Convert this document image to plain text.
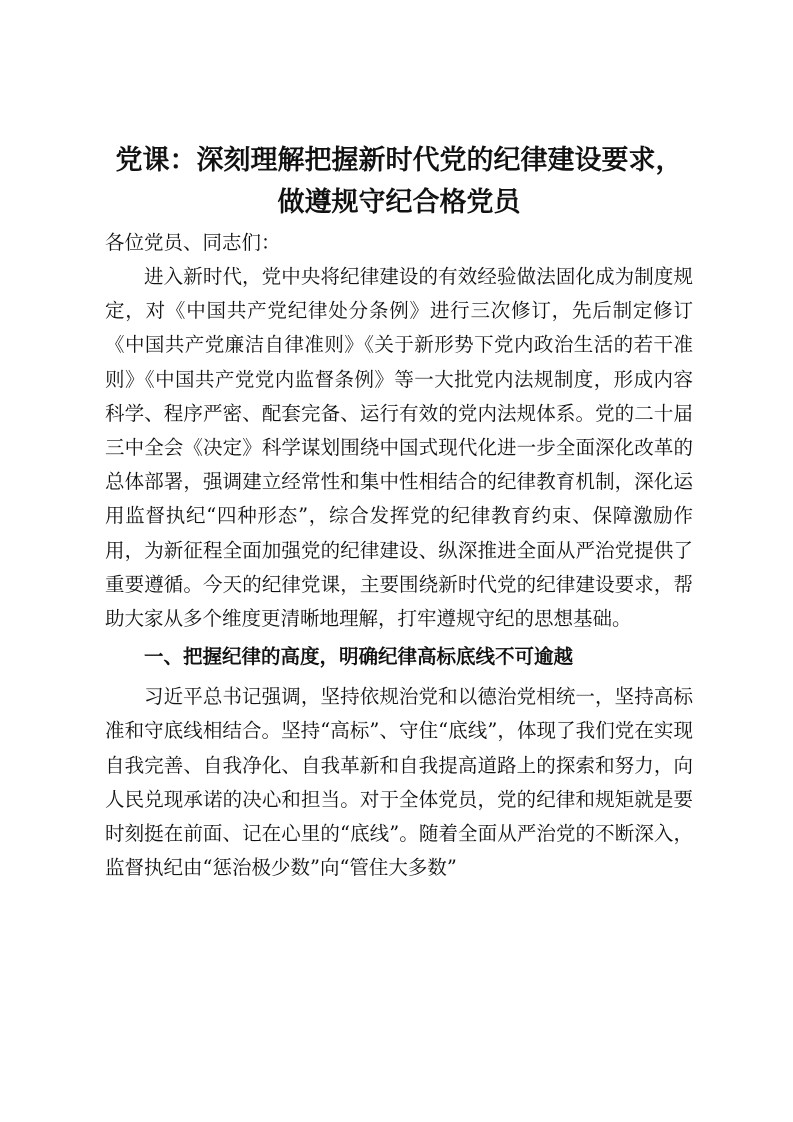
党课：深刻理解把握新时代党的纪律建设要求，
做遵规守纪合格党员

各位党员、同志们：

进入新时代，党中央将纪律建设的有效经验做法固化成为制度规定，对《中国共产党纪律处分条例》进行三次修订，先后制定修订《中国共产党廉洁自律准则》《关于新形势下党内政治生活的若干准则》《中国共产党党内监督条例》等一大批党内法规制度，形成内容科学、程序严密、配套完备、运行有效的党内法规体系。党的二十届三中全会《决定》科学谋划围绕中国式现代化进一步全面深化改革的总体部署，强调建立经常性和集中性相结合的纪律教育机制，深化运用监督执纪“四种形态”，综合发挥党的纪律教育约束、保障激励作用，为新征程全面加强党的纪律建设、纵深推进全面从严治党提供了重要遵循。今天的纪律党课，主要围绕新时代党的纪律建设要求，帮助大家从多个维度更清晰地理解，打牢遵规守纪的思想基础。

一、把握纪律的高度，明确纪律高标底线不可逾越

习近平总书记强调，坚持依规治党和以德治党相统一，坚持高标准和守底线相结合。坚持“高标”、守住“底线”，体现了我们党在实现自我完善、自我净化、自我革新和自我提高道路上的探索和努力，向人民兑现承诺的决心和担当。对于全体党员，党的纪律和规矩就是要时刻挺在前面、记在心里的“底线”。随着全面从严治党的不断深入，监督执纪由“惩治极少数”向“管住大多数”
